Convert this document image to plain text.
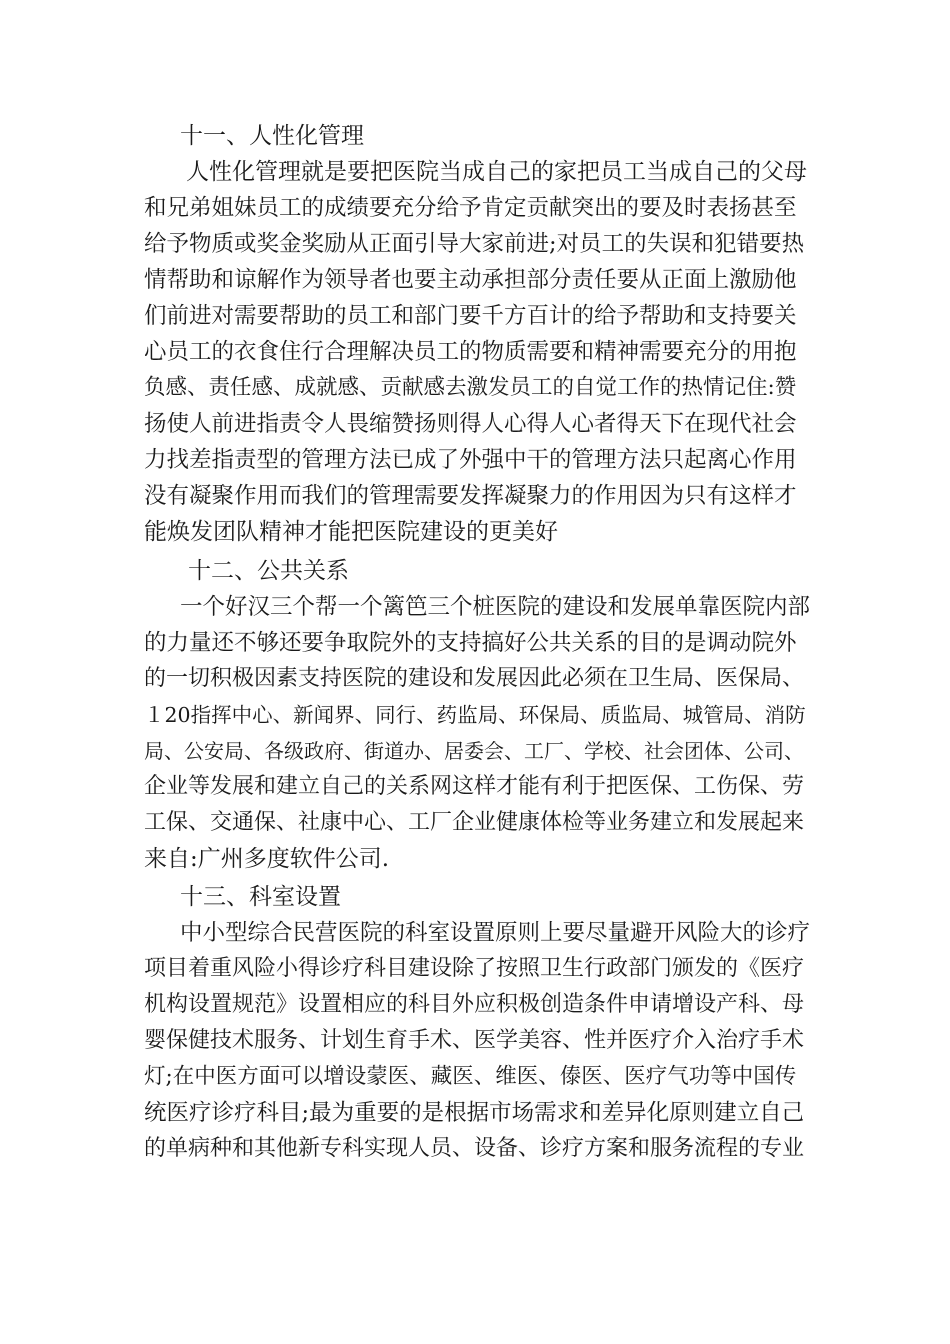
十一、人性化管理

人性化管理就是要把医院当成自己的家把员工当成自己的父母

和兄弟姐妹员工的成绩要充分给予肯定贡献突出的要及时表扬甚至

给予物质或奖金奖励从正面引导大家前进;对员工的失误和犯错要热

情帮助和谅解作为领导者也要主动承担部分责任要从正面上激励他

们前进对需要帮助的员工和部门要千方百计的给予帮助和支持要关

心员工的衣食住行合理解决员工的物质需要和精神需要充分的用抱

负感、责任感、成就感、贡献感去激发员工的自觉工作的热情记住:赞

扬使人前进指责令人畏缩赞扬则得人心得人心者得天下在现代社会

力找差指责型的管理方法已成了外强中干的管理方法只起离心作用

没有凝聚作用而我们的管理需要发挥凝聚力的作用因为只有这样才

能焕发团队精神才能把医院建设的更美好

十二、公共关系

一个好汉三个帮一个篱笆三个桩医院的建设和发展单靠医院内部

的力量还不够还要争取院外的支持搞好公共关系的目的是调动院外

的一切积极因素支持医院的建设和发展因此必须在卫生局、医保局、

１20指挥中心、新闻界、同行、药监局、环保局、质监局、城管局、消防

局、公安局、各级政府、街道办、居委会、工厂、学校、社会团体、公司、

企业等发展和建立自己的关系网这样才能有利于把医保、工伤保、劳

工保、交通保、社康中心、工厂企业健康体检等业务建立和发展起来

来自:广州多度软件公司.

十三、科室设置

中小型综合民营医院的科室设置原则上要尽量避开风险大的诊疗

项目着重风险小得诊疗科目建设除了按照卫生行政部门颁发的《医疗

机构设置规范》设置相应的科目外应积极创造条件申请增设产科、母

婴保健技术服务、计划生育手术、医学美容、性并医疗介入治疗手术

灯;在中医方面可以增设蒙医、藏医、维医、傣医、医疗气功等中国传

统医疗诊疗科目;最为重要的是根据市场需求和差异化原则建立自己

的单病种和其他新专科实现人员、设备、诊疗方案和服务流程的专业
